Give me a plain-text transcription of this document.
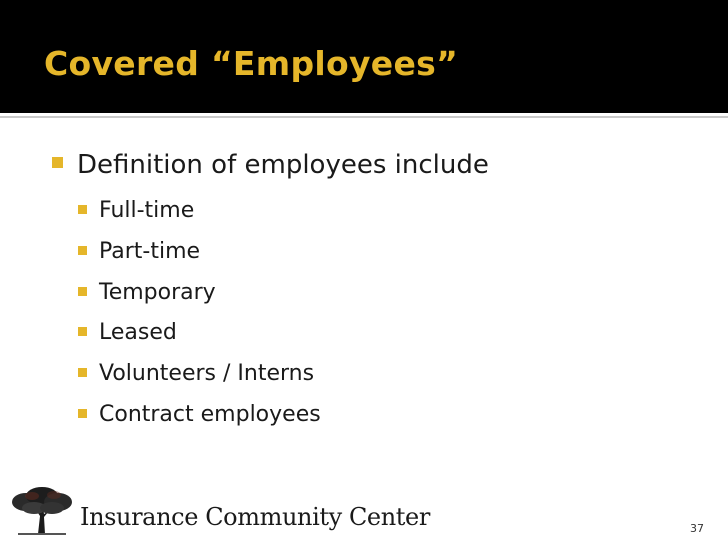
Covered “Employees”
Definition of employees include
Full-time
Part-time
Temporary
Leased
Volunteers / Interns
Contract employees
Insurance Community Center	37
